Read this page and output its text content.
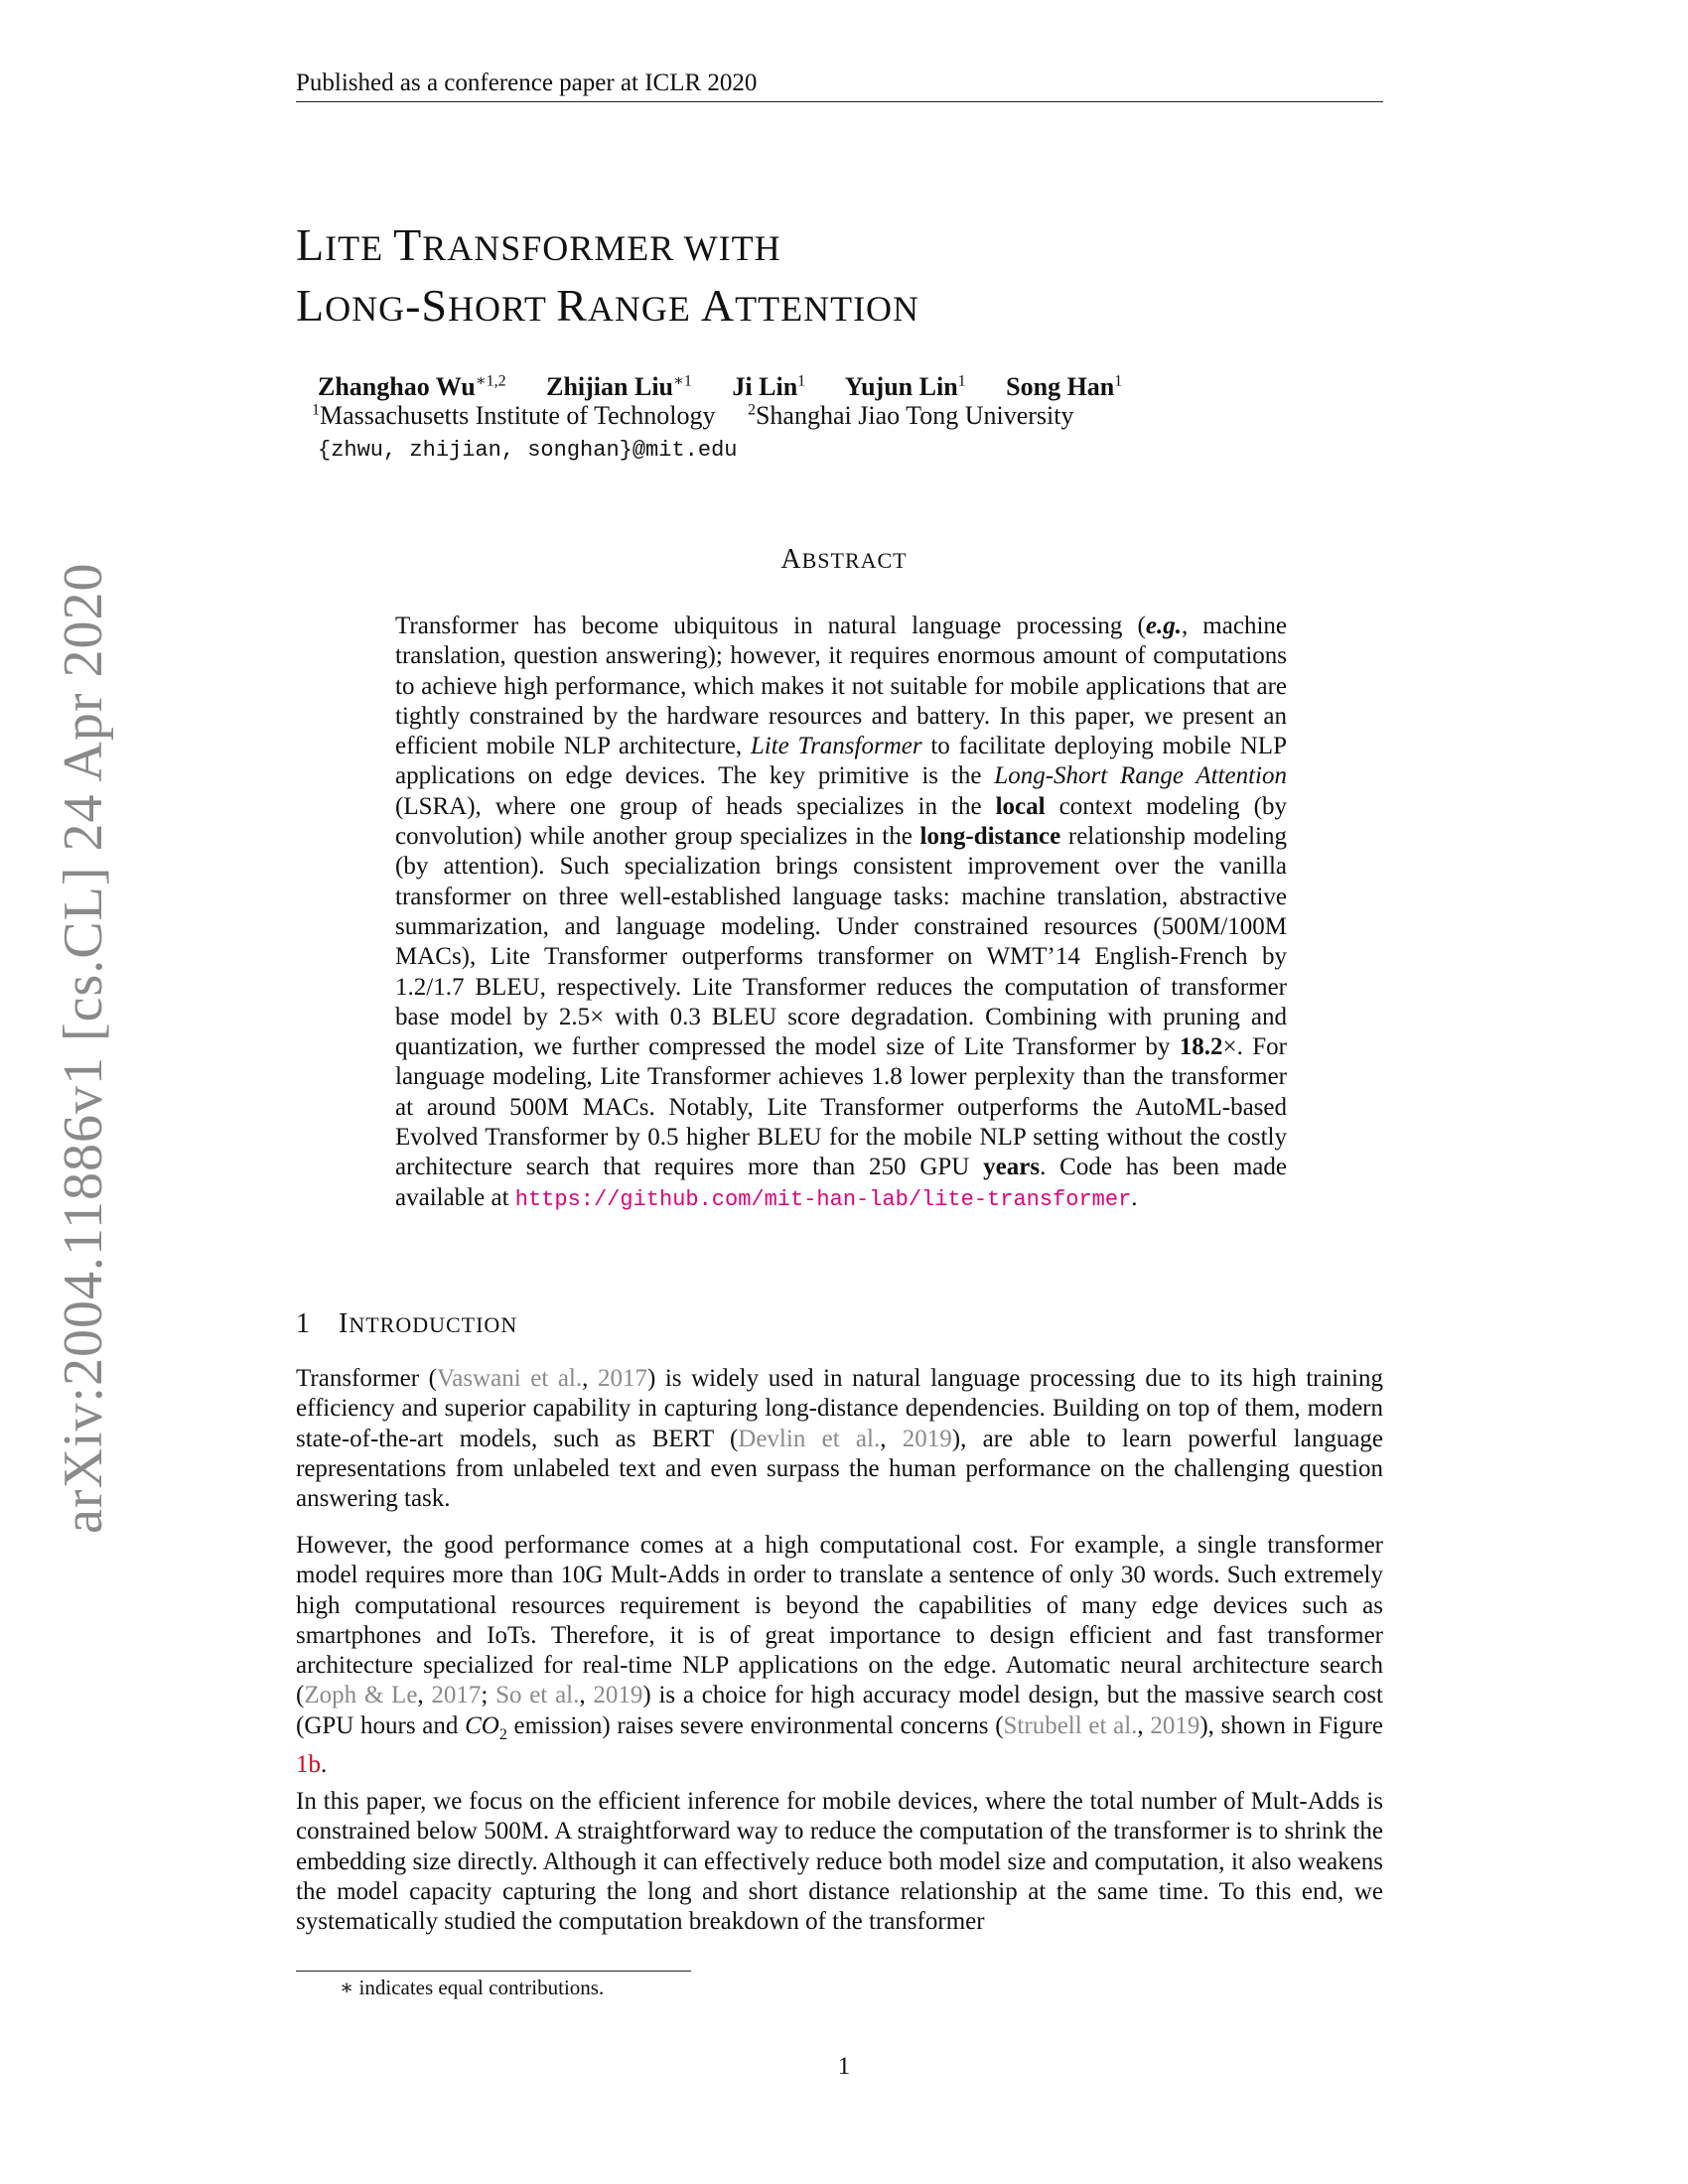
Published as a conference paper at ICLR 2020
arXiv:2004.11886v1 [cs.CL] 24 Apr 2020
LITE TRANSFORMER WITH
LONG-SHORT RANGE ATTENTION
Zhanghao $Wu^{∗1,2}$ Zhijian Liu$^{∗1}$ Ji Lin$^1$ Yujun Lin$^1$ Song Han$^1$
$^1$Massachusetts Institute of Technology $^2$Shanghai Jiao Tong University
{zhwu, zhijian, songhan}@mit.edu
ABSTRACT
Transformer has become ubiquitous in natural language processing (e.g., machine translation, question answering); however, it requires enormous amount of computations to achieve high performance, which makes it not suitable for mobile applications that are tightly constrained by the hardware resources and battery. In this paper, we present an efficient mobile NLP architecture, Lite Transformer to facilitate deploying mobile NLP applications on edge devices. The key primitive is the Long-Short Range Attention (LSRA), where one group of heads specializes in the local context modeling (by convolution) while another group specializes in the long-distance relationship modeling (by attention). Such specialization brings consistent improvement over the vanilla transformer on three well-established language tasks: machine translation, abstractive summarization, and language modeling. Under constrained resources (500M/100M MACs), Lite Transformer outperforms transformer on WMT’14 English-French by 1.2/1.7 BLEU, respectively. Lite Transformer reduces the computation of transformer base model by 2.5× with 0.3 BLEU score degradation. Combining with pruning and quantization, we further compressed the model size of Lite Transformer by 18.2×. For language modeling, Lite Transformer achieves 1.8 lower perplexity than the transformer at around 500M MACs. Notably, Lite Transformer outperforms the AutoML-based Evolved Transformer by 0.5 higher BLEU for the mobile NLP setting without the costly architecture search that requires more than 250 GPU years. Code has been made available at https://github.com/mit-han-lab/lite-transformer.
1 INTRODUCTION
Transformer (Vaswani et al., 2017) is widely used in natural language processing due to its high training efficiency and superior capability in capturing long-distance dependencies. Building on top of them, modern state-of-the-art models, such as BERT (Devlin et al., 2019), are able to learn powerful language representations from unlabeled text and even surpass the human performance on the challenging question answering task.
However, the good performance comes at a high computational cost. For example, a single transformer model requires more than 10G Mult-Adds in order to translate a sentence of only 30 words. Such extremely high computational resources requirement is beyond the capabilities of many edge devices such as smartphones and IoTs. Therefore, it is of great importance to design efficient and fast transformer architecture specialized for real-time NLP applications on the edge. Automatic neural architecture search (Zoph & Le, 2017; So et al., 2019) is a choice for high accuracy model design, but the massive search cost (GPU hours and $CO_2$ emission) raises severe environmental concerns (Strubell et al., 2019), shown in Figure 1b.
In this paper, we focus on the efficient inference for mobile devices, where the total number of Mult-Adds is constrained below 500M. A straightforward way to reduce the computation of the transformer is to shrink the embedding size directly. Although it can effectively reduce both model size and computation, it also weakens the model capacity capturing the long and short distance relationship at the same time. To this end, we systematically studied the computation breakdown of the transformer
∗ indicates equal contributions.
1
